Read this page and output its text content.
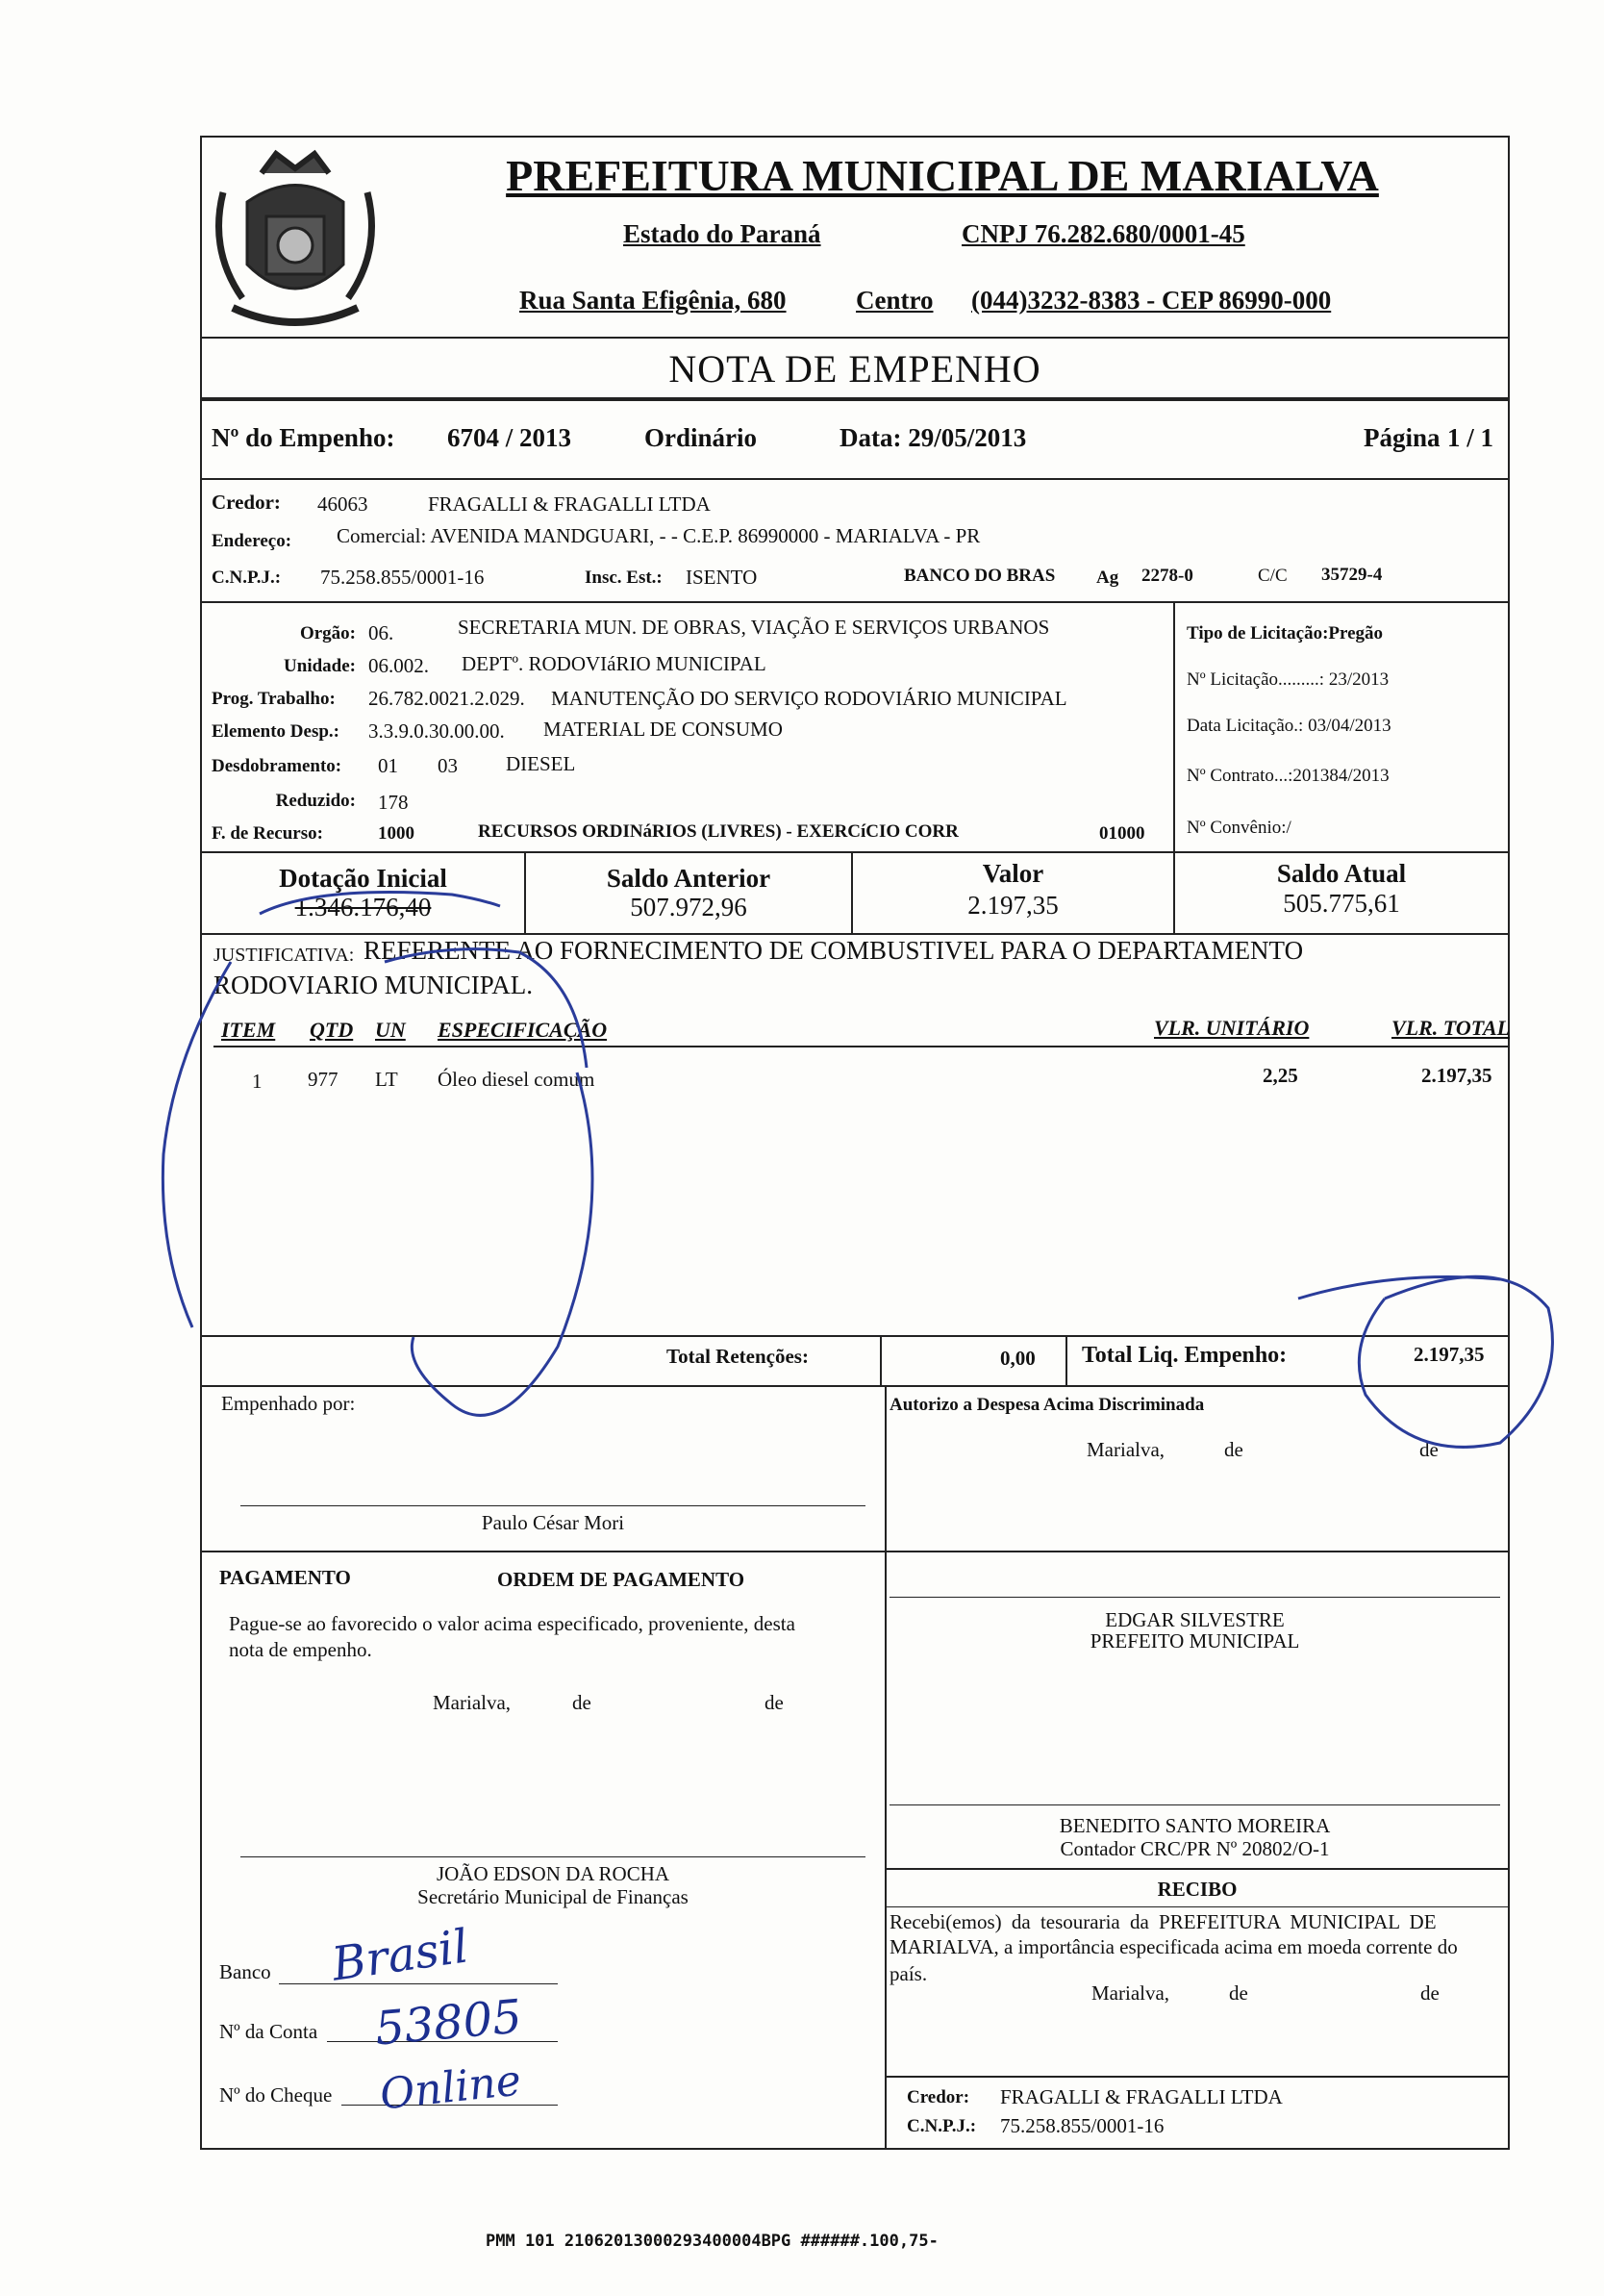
PREFEITURA MUNICIPAL DE MARIALVA
Estado do Paraná	CNPJ 76.282.680/0001-45
Rua Santa Efigênia, 680	Centro (044)3232-8383 - CEP 86990-000
NOTA DE EMPENHO
Nº do Empenho: 6704 / 2013	Ordinário	Data: 29/05/2013	Página 1 / 1
Credor: 46063	FRAGALLI & FRAGALLI LTDA
Endereço: Comercial: AVENIDA MANDGUARI, - - C.E.P. 86990000 - MARIALVA - PR
C.N.P.J.: 75.258.855/0001-16	Insc. Est.: ISENTO	BANCO DO BRAS Ag 2278-0	C/C 35729-4
Orgão: 06.	SECRETARIA MUN. DE OBRAS, VIAÇÃO E SERVIÇOS URBANOS
Unidade: 06.002. DEPTº. RODOVIáRIO MUNICIPAL
Prog. Trabalho: 26.782.0021.2.029. MANUTENÇÃO DO SERVIÇO RODOVIÁRIO MUNICIPAL
Elemento Desp.: 3.3.9.0.30.00.00. MATERIAL DE CONSUMO
Desdobramento: 01 03 DIESEL
Reduzido: 178
F. de Recurso:	1000	RECURSOS ORDINáRIOS (LIVRES) - EXERCíCIO CORR	01000
Tipo de Licitação:Pregão
Nº Licitação.........: 23/2013
Data Licitação.: 03/04/2013
Nº Contrato...:201384/2013
Nº Convênio:/
Dotação Inicial
1.346.176,40
Saldo Anterior
507.972,96
Valor
2.197,35
Saldo Atual
505.775,61
JUSTIFICATIVA: REFERENTE AO FORNECIMENTO DE COMBUSTIVEL PARA O DEPARTAMENTO
RODOVIARIO MUNICIPAL.
ITEM QTD UN ESPECIFICAÇÃO	VLR. UNITÁRIO	VLR. TOTAL
1 977 LT Óleo diesel comum	2,25	2.197,35
Total Retenções:	0,00 Total Liq. Empenho:	2.197,35
Empenhado por:
Paulo César Mori
Autorizo a Despesa Acima Discriminada
Marialva,	de	de
PAGAMENTO	ORDEM DE PAGAMENTO
Pague-se ao favorecido o valor acima especificado, proveniente, desta
nota de empenho.
Marialva,	de	de
EDGAR SILVESTRE
PREFEITO MUNICIPAL
BENEDITO SANTO MOREIRA
Contador CRC/PR Nº 20802/O-1
JOÃO EDSON DA ROCHA
Secretário Municipal de Finanças	RECIBO
Recebi(emos) da tesouraria da PREFEITURA MUNICIPAL DE
MARIALVA, a importância especificada acima em moeda corrente do
país.
Marialva,	de	de
Credor: FRAGALLI & FRAGALLI LTDA
C.N.P.J.: 75.258.855/0001-16
Banco Brasil
Nº da Conta 53805
Nº do Cheque Online
PMM 101 21062013000293400004BPG ######.100,75-
